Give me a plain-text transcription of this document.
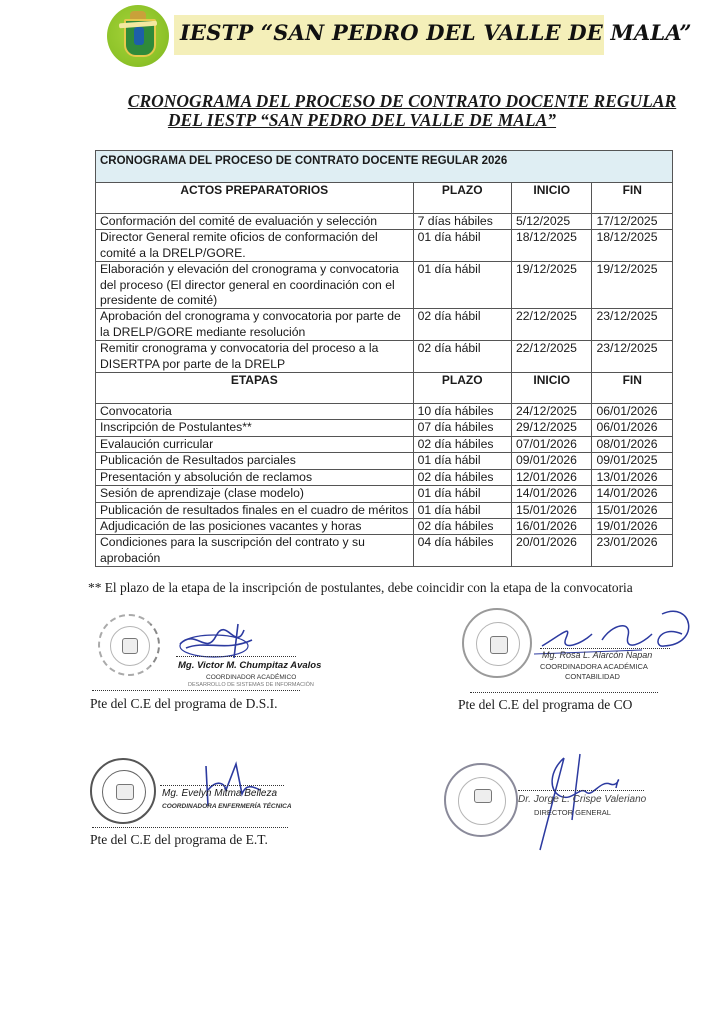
IESTP “SAN PEDRO DEL VALLE DE MALA”
CRONOGRAMA DEL PROCESO DE CONTRATO DOCENTE REGULAR
DEL IESTP “SAN PEDRO DEL VALLE DE MALA”
CRONOGRAMA DEL PROCESO DE CONTRATO DOCENTE REGULAR 2026			
ACTOS PREPARATORIOS	PLAZO	INICIO	FIN
Conformación del comité de evaluación y selección	7 días hábiles	5/12/2025	17/12/2025
Director General remite oficios de conformación del comité a la DRELP/GORE.	01 día hábil	18/12/2025	18/12/2025
Elaboración y elevación del cronograma y convocatoria del proceso (El director general en coordinación con el presidente de comité)	01 día hábil	19/12/2025	19/12/2025
Aprobación del cronograma y convocatoria por parte de la DRELP/GORE mediante resolución	02 día hábil	22/12/2025	23/12/2025
Remitir cronograma y convocatoria del proceso a la DISERTPA por parte de la DRELP	02 día hábil	22/12/2025	23/12/2025
ETAPAS	PLAZO	INICIO	FIN
Convocatoria	10 día hábiles	24/12/2025	06/01/2026
Inscripción de Postulantes**	07 día hábiles	29/12/2025	06/01/2026
Evalaución curricular	02 día hábiles	07/01/2026	08/01/2026
Publicación de Resultados parciales	01 día hábil	09/01/2026	09/01/2025
Presentación y absolución de reclamos	02 día hábiles	12/01/2026	13/01/2026
Sesión de aprendizaje (clase modelo)	01 día hábil	14/01/2026	14/01/2026
Publicación de resultados finales en el cuadro de méritos	01 día hábil	15/01/2026	15/01/2026
Adjudicación de las posiciones vacantes y horas	02 día hábiles	16/01/2026	19/01/2026
Condiciones para la suscripción del contrato y su aprobación	04 día hábiles	20/01/2026	23/01/2026
** El plazo de la etapa de la inscripción de postulantes, debe coincidir con la etapa de la convocatoria
Mg. Victor M. Chumpitaz Avalos
COORDINADOR ACADÉMICO
DESARROLLO DE SISTEMAS DE INFORMACIÓN
Pte del C.E del programa de D.S.I.
Mg. Rosa L. Alarcón Napan
COORDINADORA ACADÉMICA
CONTABILIDAD
Pte del C.E del programa de CO
Mg. Evelyn Mitma Belleza
COORDINADORA ENFERMERÍA TÉCNICA
Pte del C.E del programa de E.T.
Dr. Jorge L. Crispe Valeriano
DIRECTOR GENERAL
